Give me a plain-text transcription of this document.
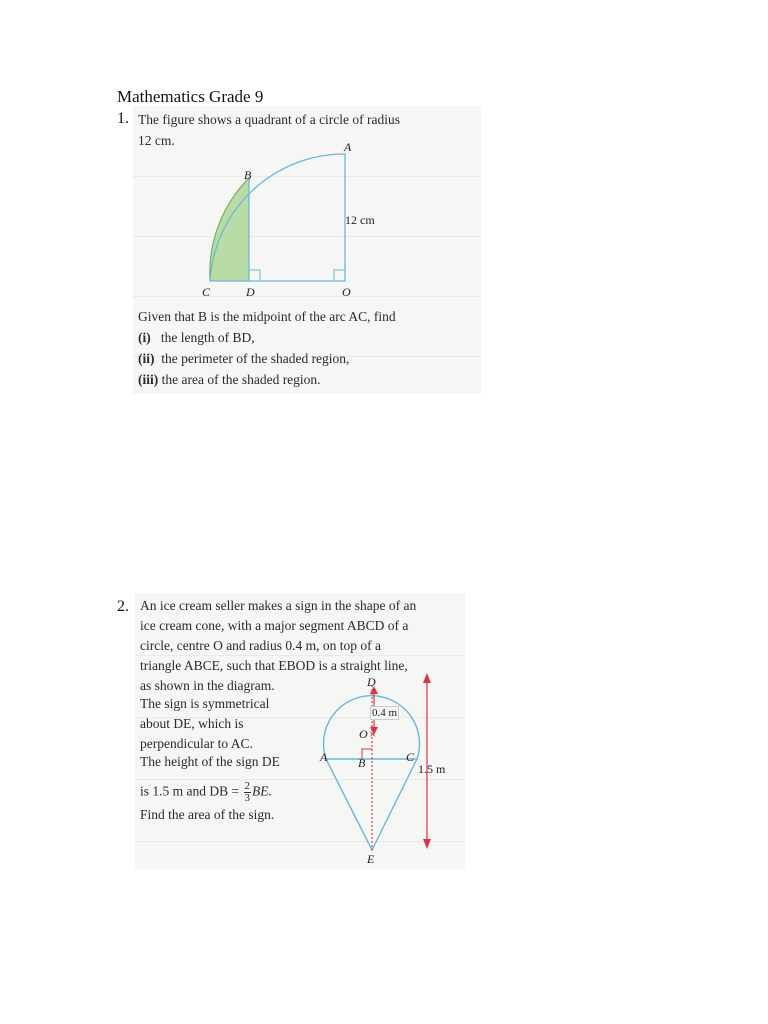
Mathematics Grade 9
1. The figure shows a quadrant of a circle of radius
12 cm.	A
B
12 cm
C	D	O
Given that B is the midpoint of the arc AC, find
(i) the length of BD,
(ii) the perimeter of the shaded region,
(iii) the area of the shaded region.
2. An ice cream seller makes a sign in the shape of an
ice cream cone, with a major segment ABCD of a
circle, centre O and radius 0.4 m, on top of a
triangle ABCE, such that EBOD is a straight line,
as shown in the diagram.
The sign is symmetrical
about DE, which is
perpendicular to AC.
The height of the sign DE
is 1.5 m and DB = $\frac{2}{3}$ BE.
Find the area of the sign.
×
D
0.4 m
O
A	B	C
1.5 m
E
